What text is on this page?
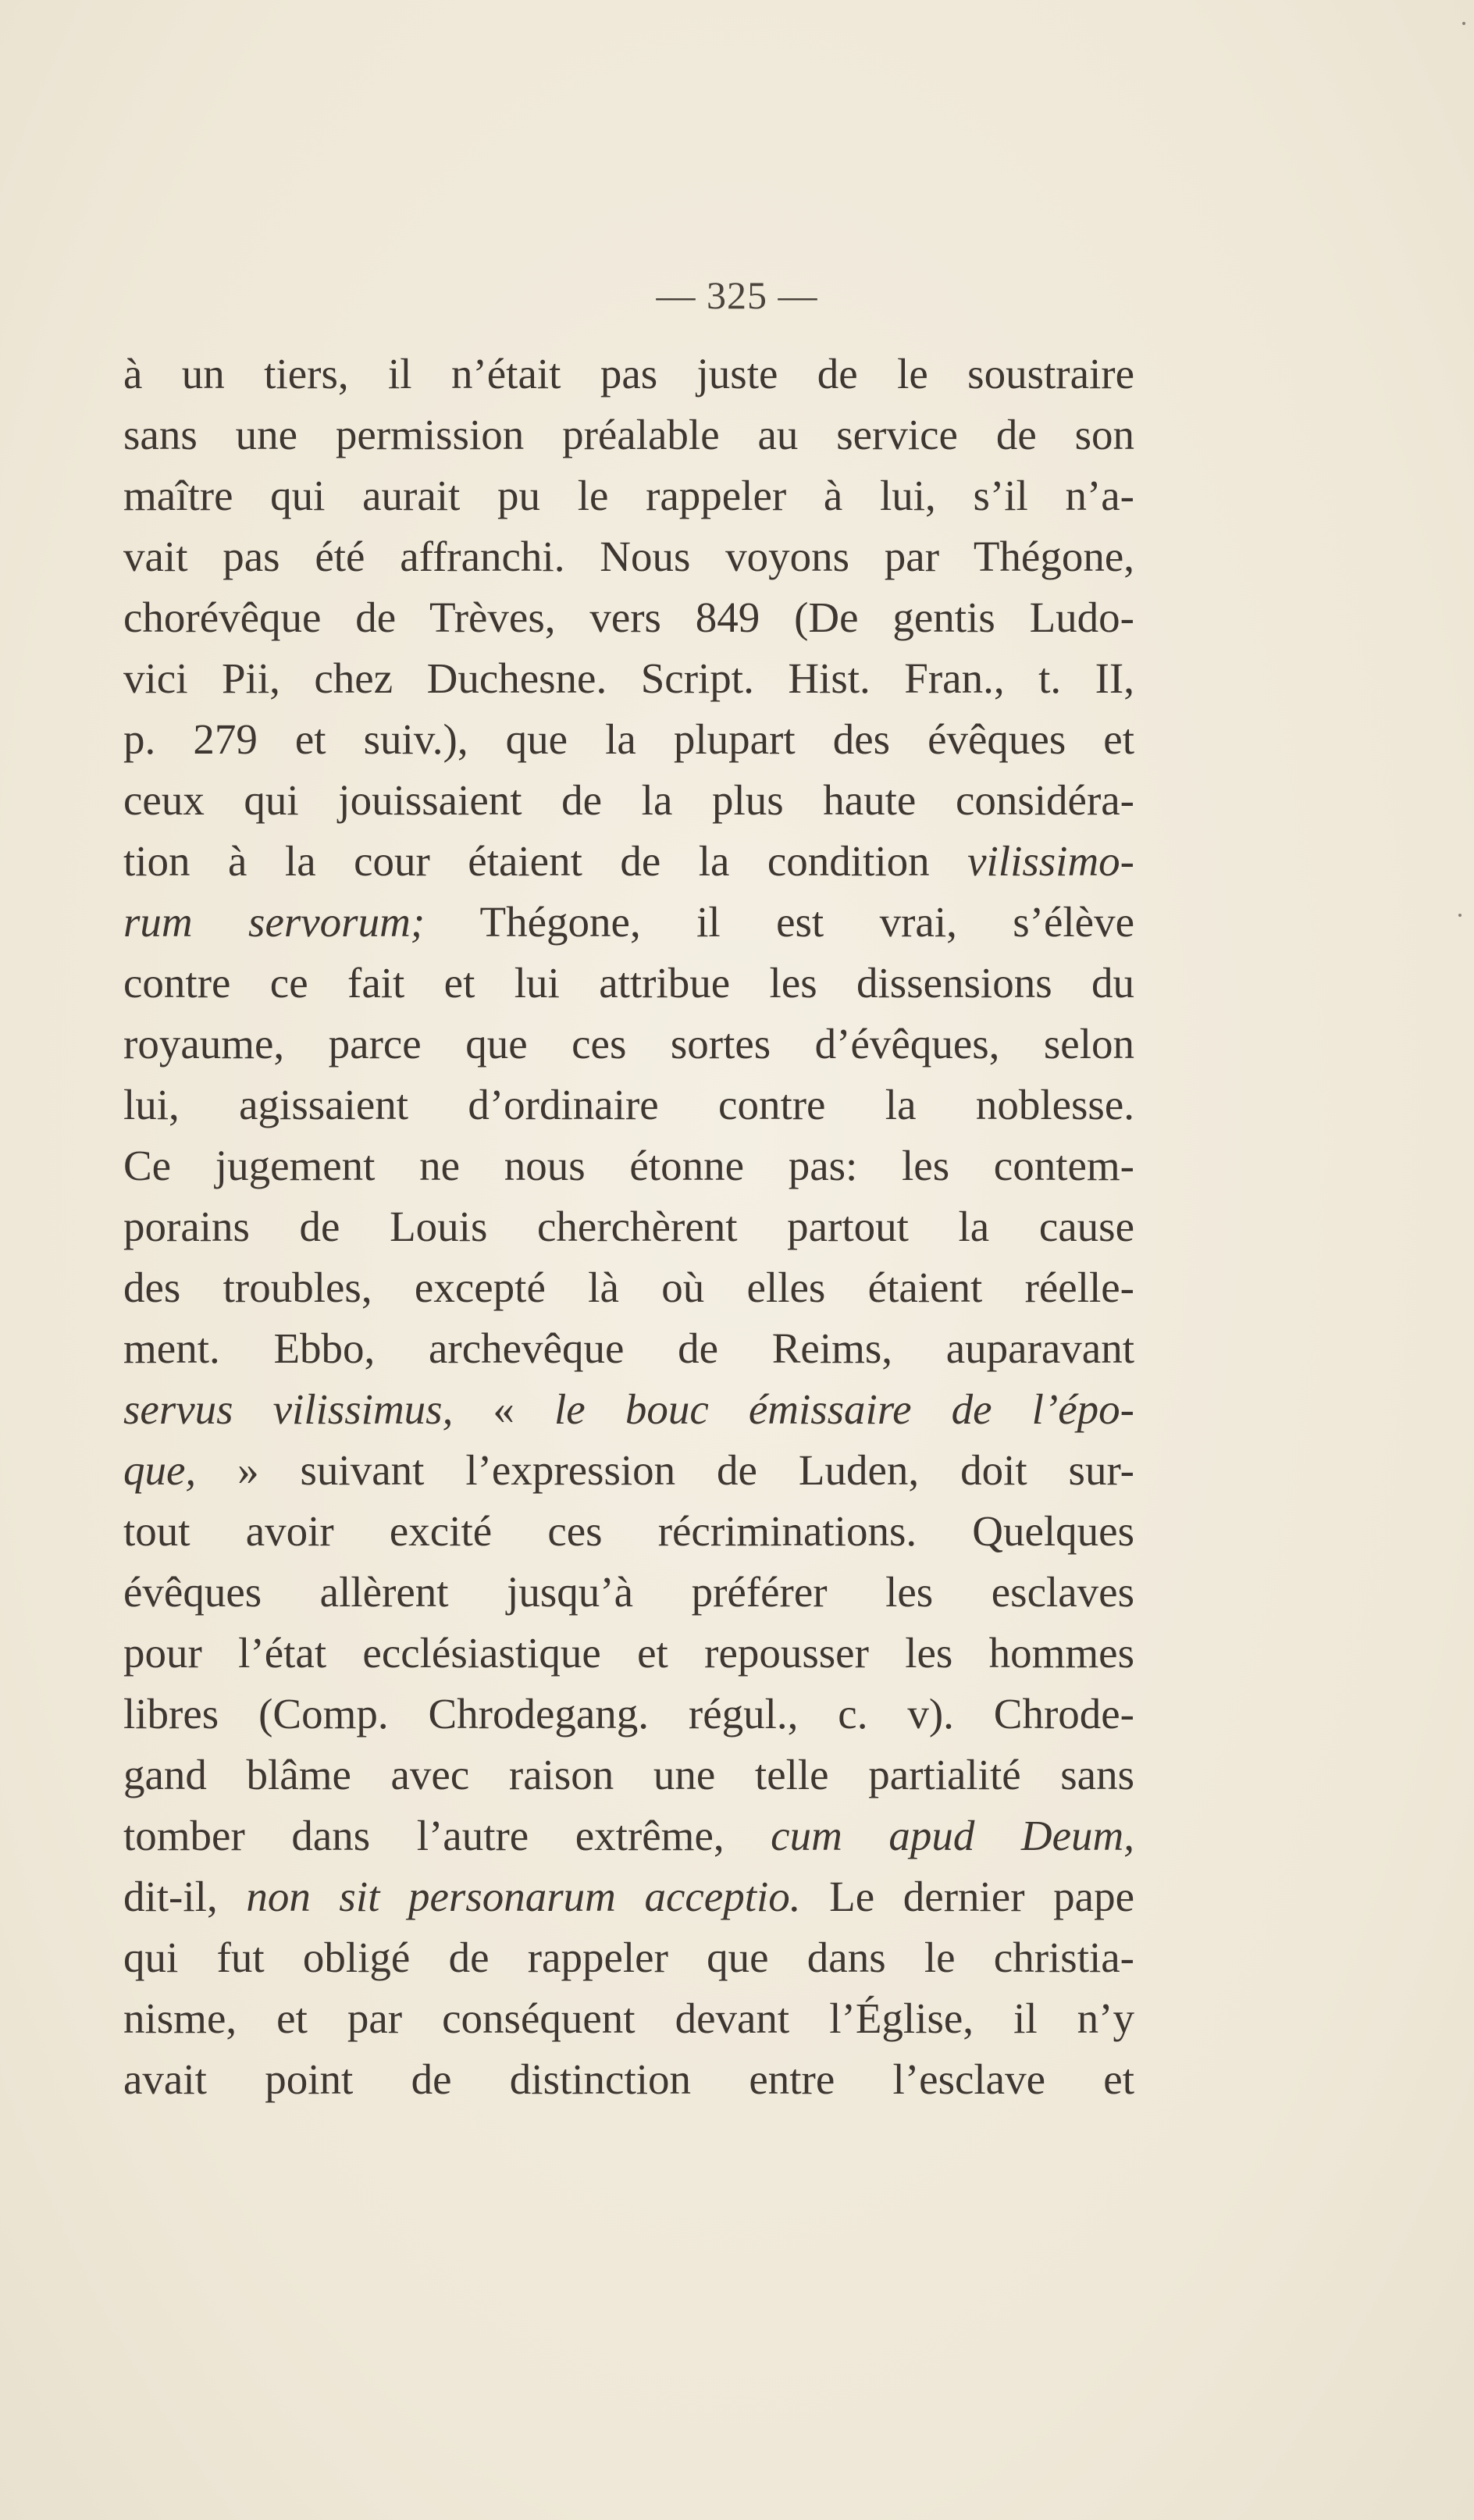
— 325 —
à un tiers, il n’était pas juste de le soustraire
sans une permission préalable au service de son
maître qui aurait pu le rappeler à lui, s’il n’a-
vait pas été affranchi. Nous voyons par Thégone,
chorévêque de Trèves, vers 849 (De gentis Ludo-
vici Pii, chez Duchesne. Script. Hist. Fran., t. II,
p. 279 et suiv.), que la plupart des évêques et
ceux qui jouissaient de la plus haute considéra-
tion à la cour étaient de la condition vilissimo-
rum servorum; Thégone, il est vrai, s’élève
contre ce fait et lui attribue les dissensions du
royaume, parce que ces sortes d’évêques, selon
lui, agissaient d’ordinaire contre la noblesse.
Ce jugement ne nous étonne pas: les contem-
porains de Louis cherchèrent partout la cause
des troubles, excepté là où elles étaient réelle-
ment. Ebbo, archevêque de Reims, auparavant
servus vilissimus, « le bouc émissaire de l’épo-
que, » suivant l’expression de Luden, doit sur-
tout avoir excité ces récriminations. Quelques
évêques allèrent jusqu’à préférer les esclaves
pour l’état ecclésiastique et repousser les hommes
libres (Comp. Chrodegang. régul., c. v). Chrode-
gand blâme avec raison une telle partialité sans
tomber dans l’autre extrême, cum apud Deum,
dit-il, non sit personarum acceptio. Le dernier pape
qui fut obligé de rappeler que dans le christia-
nisme, et par conséquent devant l’Église, il n’y
avait point de distinction entre l’esclave et
